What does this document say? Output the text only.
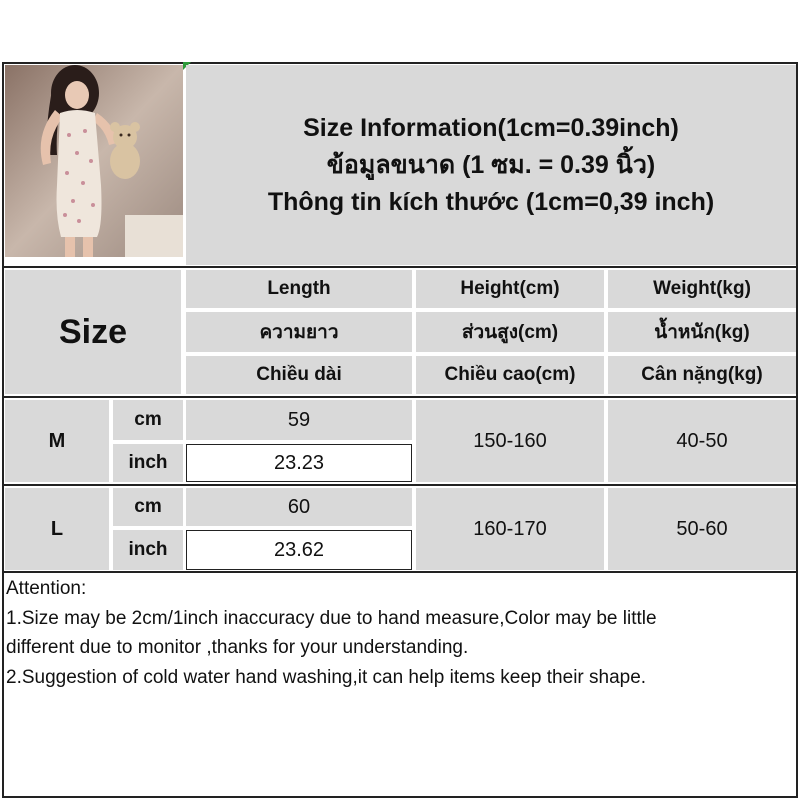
Size Information(1cm=0.39inch)
ข้อมูลขนาด (1 ซม. = 0.39 นิ้ว)
Thông tin kích thước (1cm=0,39 inch)
Size
Length
ความยาว
Chiều dài
Height(cm)
ส่วนสูง(cm)
Chiều cao(cm)
Weight(kg)
น้ำหนัก(kg)
Cân nặng(kg)
M
cm
inch
59
23.23
150-160	40-50
L
cm
inch
60
23.62
160-170	50-60
Attention:
1.Size may be 2cm/1inch inaccuracy due to hand measure,Color may be little
different due to monitor ,thanks for your understanding.
2.Suggestion of cold water hand washing,it can help items keep their shape.
